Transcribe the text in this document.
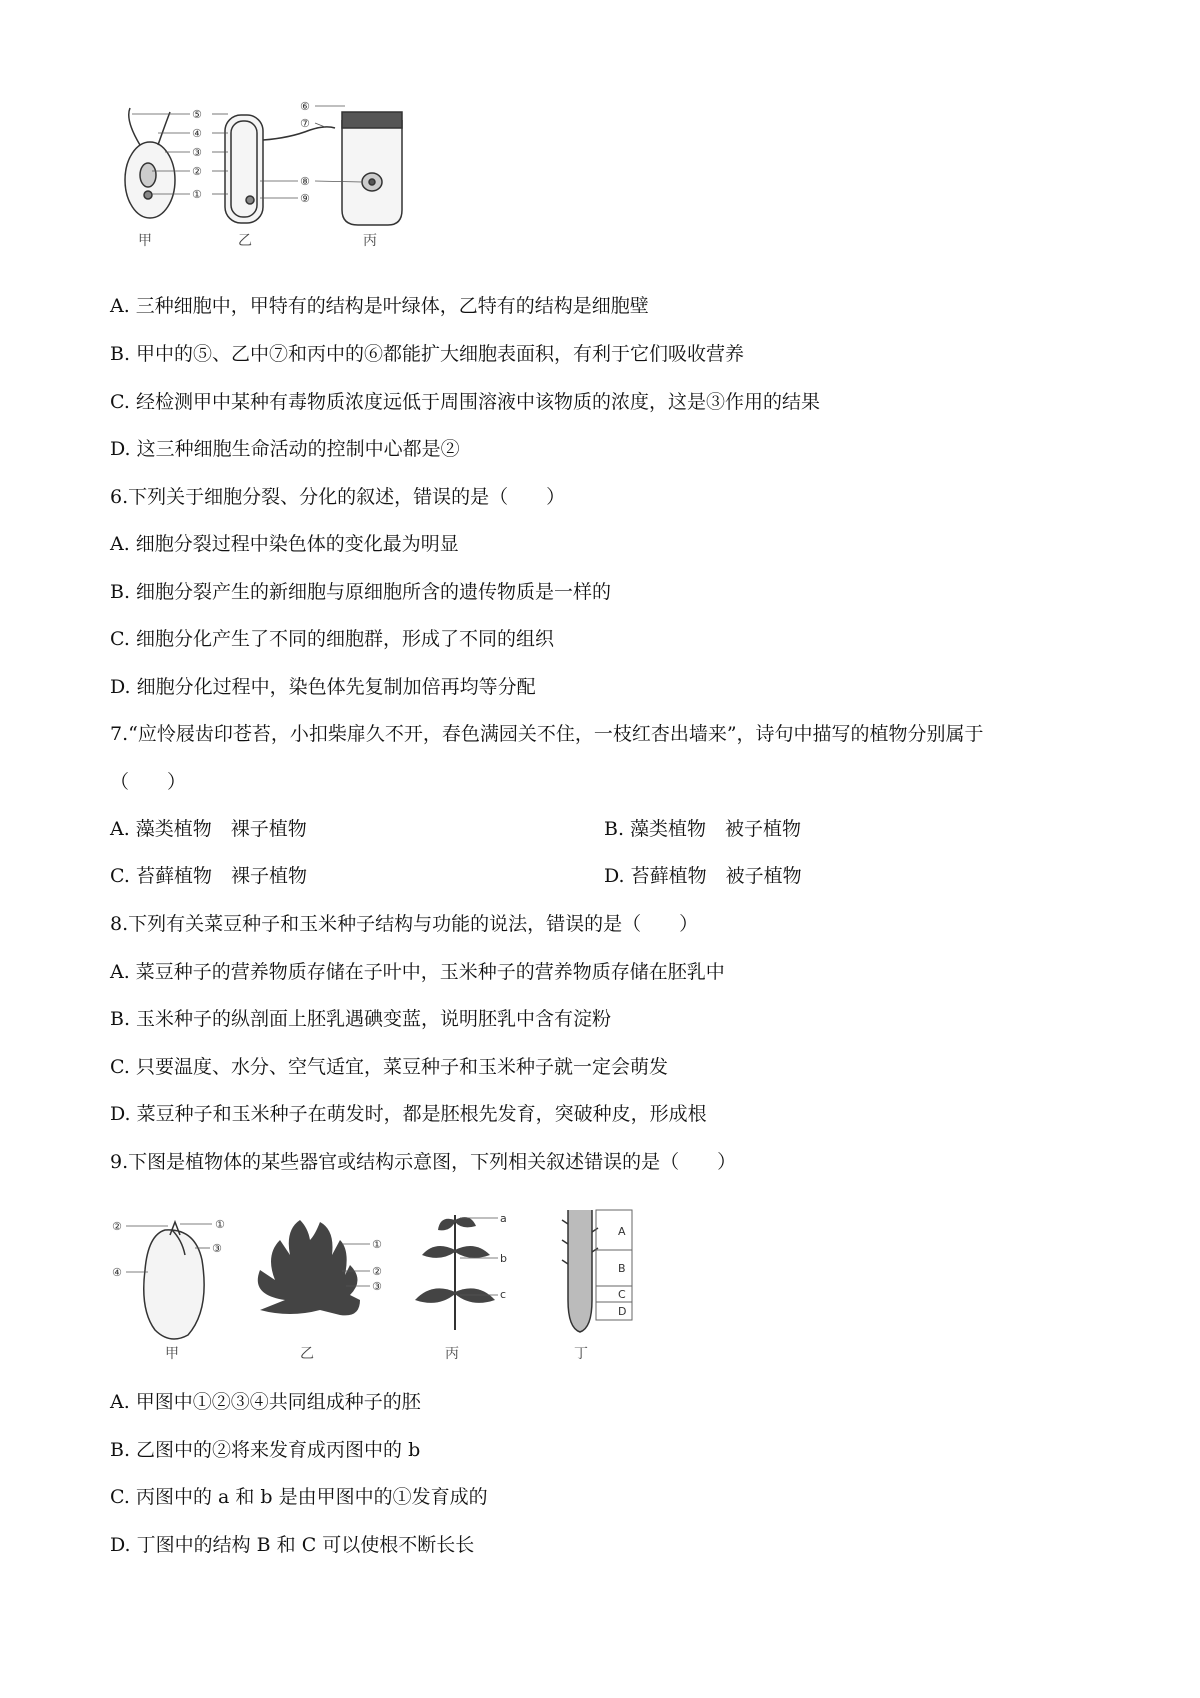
⑤
④
③
②
①
⑥
⑦
⑧
⑨
甲	乙	丙
A. 三种细胞中，甲特有的结构是叶绿体，乙特有的结构是细胞壁
B. 甲中的⑤、乙中⑦和丙中的⑥都能扩大细胞表面积，有利于它们吸收营养
C. 经检测甲中某种有毒物质浓度远低于周围溶液中该物质的浓度，这是③作用的结果
D. 这三种细胞生命活动的控制中心都是②
6.下列关于细胞分裂、分化的叙述，错误的是（　　）
A. 细胞分裂过程中染色体的变化最为明显
B. 细胞分裂产生的新细胞与原细胞所含的遗传物质是一样的
C. 细胞分化产生了不同的细胞群，形成了不同的组织
D. 细胞分化过程中，染色体先复制加倍再均等分配
7.“应怜屐齿印苍苔，小扣柴扉久不开，春色满园关不住，一枝红杏出墙来”，诗句中描写的植物分别属于
（　　）
A. 藻类植物　裸子植物	B. 藻类植物　被子植物
C. 苔藓植物　裸子植物	D. 苔藓植物　被子植物
8.下列有关菜豆种子和玉米种子结构与功能的说法，错误的是（　　）
A. 菜豆种子的营养物质存储在子叶中，玉米种子的营养物质存储在胚乳中
B. 玉米种子的纵剖面上胚乳遇碘变蓝，说明胚乳中含有淀粉
C. 只要温度、水分、空气适宜，菜豆种子和玉米种子就一定会萌发
D. 菜豆种子和玉米种子在萌发时，都是胚根先发育，突破种皮，形成根
9.下图是植物体的某些器官或结构示意图，下列相关叙述错误的是（　　）
②	①
③
④
甲
①
②
③
乙
a
b
c
丙
A
B
C
D
丁
A. 甲图中①②③④共同组成种子的胚
B. 乙图中的②将来发育成丙图中的 b
C. 丙图中的 a 和 b 是由甲图中的①发育成的
D. 丁图中的结构 B 和 C 可以使根不断长长
